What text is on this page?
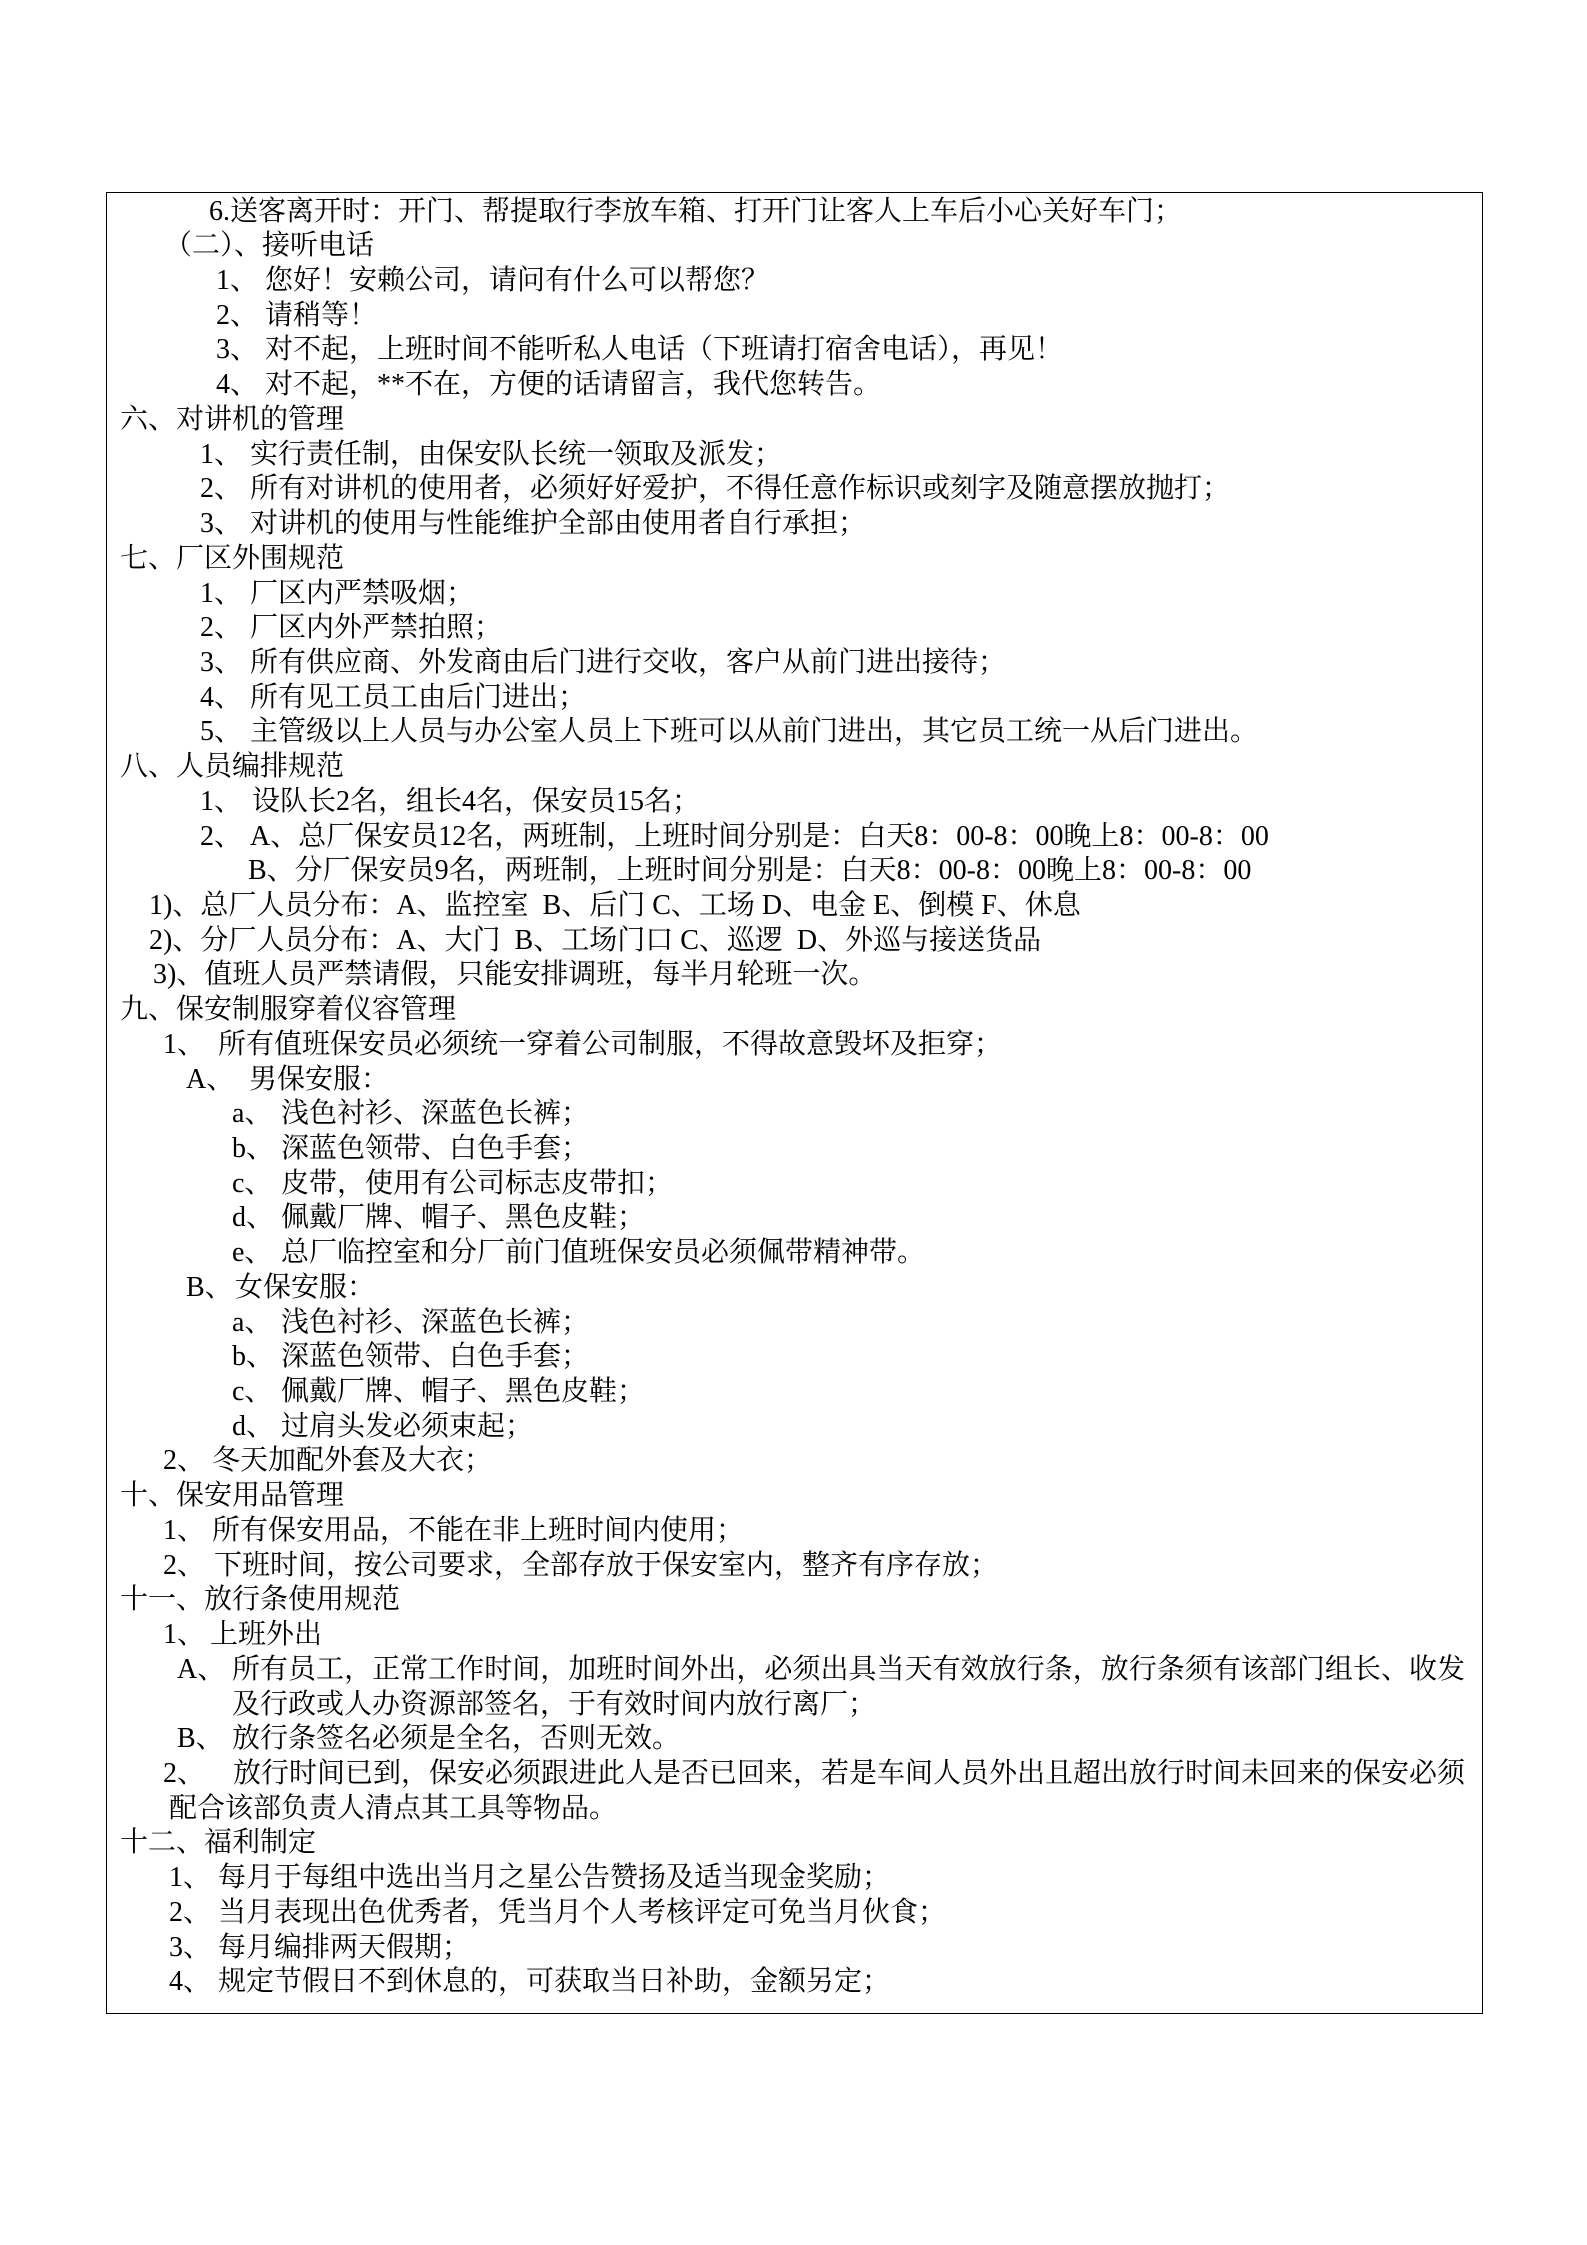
6.送客离开时：开门、帮提取行李放车箱、打开门让客人上车后小心关好车门；
（二）、接听电话
1、 您好！安赖公司，请问有什么可以帮您？
2、 请稍等！
3、 对不起，上班时间不能听私人电话（下班请打宿舍电话），再见！
4、 对不起，**不在，方便的话请留言，我代您转告。
六、对讲机的管理
1、 实行责任制，由保安队长统一领取及派发；
2、 所有对讲机的使用者，必须好好爱护，不得任意作标识或刻字及随意摆放抛打；
3、 对讲机的使用与性能维护全部由使用者自行承担；
七、厂区外围规范
1、 厂区内严禁吸烟；
2、 厂区内外严禁拍照；
3、 所有供应商、外发商由后门进行交收，客户从前门进出接待；
4、 所有见工员工由后门进出；
5、 主管级以上人员与办公室人员上下班可以从前门进出，其它员工统一从后门进出。
八、人员编排规范
1、 设队长2名，组长4名，保安员15名；
2、 A、总厂保安员12名，两班制，上班时间分别是：白天8：00-8：00晚上8：00-8：00
B、分厂保安员9名，两班制，上班时间分别是：白天8：00-8：00晚上8：00-8：00
1)、总厂人员分布：A、监控室  B、后门 C、工场 D、电金 E、倒模 F、休息
2)、分厂人员分布：A、大门  B、工场门口 C、巡逻  D、外巡与接送货品
3)、值班人员严禁请假，只能安排调班，每半月轮班一次。
九、保安制服穿着仪容管理
1、 所有值班保安员必须统一穿着公司制服，不得故意毁坏及拒穿；
A、 男保安服：
a、 浅色衬衫、深蓝色长裤；
b、 深蓝色领带、白色手套；
c、 皮带，使用有公司标志皮带扣；
d、 佩戴厂牌、帽子、黑色皮鞋；
e、 总厂临控室和分厂前门值班保安员必须佩带精神带。
B、 女保安服：
a、 浅色衬衫、深蓝色长裤；
b、 深蓝色领带、白色手套；
c、 佩戴厂牌、帽子、黑色皮鞋；
d、 过肩头发必须束起；
2、 冬天加配外套及大衣；
十、保安用品管理
1、 所有保安用品，不能在非上班时间内使用；
2、 下班时间，按公司要求，全部存放于保安室内，整齐有序存放；
十一、放行条使用规范
1、 上班外出
A、 所有员工，正常工作时间，加班时间外出，必须出具当天有效放行条，放行条须有该部门组长、收发
及行政或人办资源部签名，于有效时间内放行离厂；
B、 放行条签名必须是全名，否则无效。
2、 放行时间已到，保安必须跟进此人是否已回来，若是车间人员外出且超出放行时间未回来的保安必须
配合该部负责人清点其工具等物品。
十二、福利制定
1、 每月于每组中选出当月之星公告赞扬及适当现金奖励；
2、 当月表现出色优秀者，凭当月个人考核评定可免当月伙食；
3、 每月编排两天假期；
4、 规定节假日不到休息的，可获取当日补助，金额另定；
